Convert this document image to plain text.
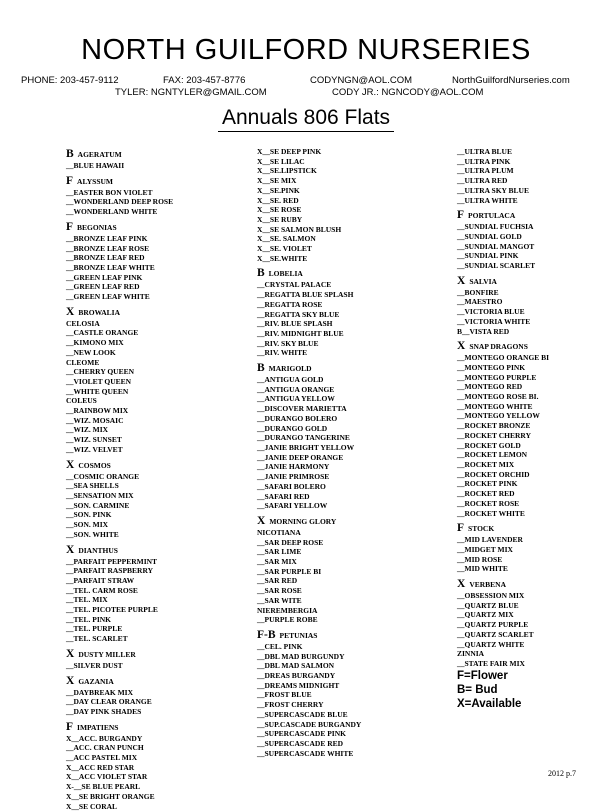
NORTH GUILFORD NURSERIES
PHONE: 203-457-9112	FAX: 203-457-8776	CODYNGN@AOL.COM	NorthGuilfordNurseries.com
TYLER: NGNTYLER@GMAIL.COM	CODY JR.: NGNCODY@AOL.COM
Annuals 806 Flats
B AGERATUM
__BLUE HAWAII
F ALYSSUM
__EASTER BON VIOLET
__WONDERLAND DEEP ROSE
__WONDERLAND WHITE
F BEGONIAS
__BRONZE LEAF PINK
__BRONZE LEAF ROSE
__BRONZE LEAF RED
__BRONZE LEAF WHITE
__GREEN LEAF PINK
__GREEN LEAF RED
__GREEN LEAF WHITE
X BROWALIA
CELOSIA
__CASTLE ORANGE
__KIMONO MIX
__NEW LOOK
CLEOME
__CHERRY QUEEN
__VIOLET QUEEN
__WHITE QUEEN
COLEUS
__RAINBOW MIX
__WIZ. MOSAIC
__WIZ. MIX
__WIZ. SUNSET
__WIZ. VELVET
X COSMOS
__COSMIC ORANGE
__SEA SHELLS
__SENSATION MIX
__SON. CARMINE
__SON. PINK
__SON. MIX
__SON. WHITE
X DIANTHUS
__PARFAIT PEPPERMINT
__PARFAIT RASPBERRY
__PARFAIT STRAW
__TEL. CARM ROSE
__TEL. MIX
__TEL. PICOTEE PURPLE
__TEL. PINK
__TEL. PURPLE
__TEL. SCARLET
X DUSTY MILLER
__SILVER DUST
X GAZANIA
__DAYBREAK MIX
__DAY CLEAR ORANGE
__DAY PINK SHADES
F IMPATIENS
X__ACC. BURGANDY
__ACC. CRAN PUNCH
__ACC PASTEL MIX
X__ACC RED STAR
X__ACC VIOLET STAR
X-__SE BLUE PEARL
X__SE BRIGHT ORANGE
X__SE CORAL
X__SE DEEP PINK
X__SE LILAC
X__SE.LIPSTICK
X__SE MIX
X__SE.PINK
X__SE. RED
X__SE ROSE
X__SE RUBY
X__SE SALMON BLUSH
X__SE. SALMON
X__SE. VIOLET
X__SE.WHITE
B LOBELIA
__CRYSTAL PALACE
__REGATTA BLUE SPLASH
__REGATTA ROSE
__REGATTA SKY BLUE
__RIV. BLUE SPLASH
__RIV. MIDNIGHT BLUE
__RIV. SKY BLUE
__RIV. WHITE
B MARIGOLD
__ANTIGUA GOLD
__ANTIGUA ORANGE
__ANTIGUA YELLOW
__DISCOVER MARIETTA
__DURANGO BOLERO
__DURANGO GOLD
__DURANGO TANGERINE
__JANIE BRIGHT YELLOW
__JANIE DEEP ORANGE
__JANIE HARMONY
__JANIE PRIMROSE
__SAFARI BOLERO
__SAFARI RED
__SAFARI YELLOW
X MORNING GLORY
NICOTIANA
__SAR DEEP ROSE
__SAR LIME
__SAR MIX
__SAR PURPLE BI
__SAR RED
__SAR ROSE
__SAR WITE
NIEREMBERGIA
__PURPLE ROBE
F-B PETUNIAS
__CEL. PINK
__DBL MAD BURGUNDY
__DBL MAD SALMON
__DREAS BURGANDY
__DREAMS MIDNIGHT
__FROST BLUE
__FROST CHERRY
__SUPERCASCADE BLUE
__SUP.CASCADE BURGANDY
__SUPERCASCADE PINK
__SUPERCASCADE RED
__SUPERCASCADE WHITE
__ULTRA BLUE
__ULTRA PINK
__ULTRA PLUM
__ULTRA RED
__ULTRA SKY BLUE
__ULTRA WHITE
F PORTULACA
__SUNDIAL FUCHSIA
__SUNDIAL GOLD
__SUNDIAL MANGOT
__SUNDIAL PINK
__SUNDIAL SCARLET
X SALVIA
__BONFIRE
__MAESTRO
__VICTORIA BLUE
__VICTORIA WHITE
B__VISTA RED
X SNAP DRAGONS
__MONTEGO ORANGE BI
__MONTEGO PINK
__MONTEGO PURPLE
__MONTEGO RED
__MONTEGO ROSE BI.
__MONTEGO WHITE
__MONTEGO YELLOW
__ROCKET BRONZE
__ROCKET CHERRY
__ROCKET GOLD
__ROCKET LEMON
__ROCKET MIX
__ROCKET ORCHID
__ROCKET PINK
__ROCKET RED
__ROCKET ROSE
__ROCKET WHITE
F STOCK
__MID LAVENDER
__MIDGET MIX
__MID ROSE
__MID WHITE
X VERBENA
__OBSESSION MIX
__QUARTZ BLUE
__QUARTZ MIX
__QUARTZ PURPLE
__QUARTZ SCARLET
__QUARTZ WHITE
ZINNIA
__STATE FAIR MIX
F=Flower
B= Bud
X=Available
2012 p.7
